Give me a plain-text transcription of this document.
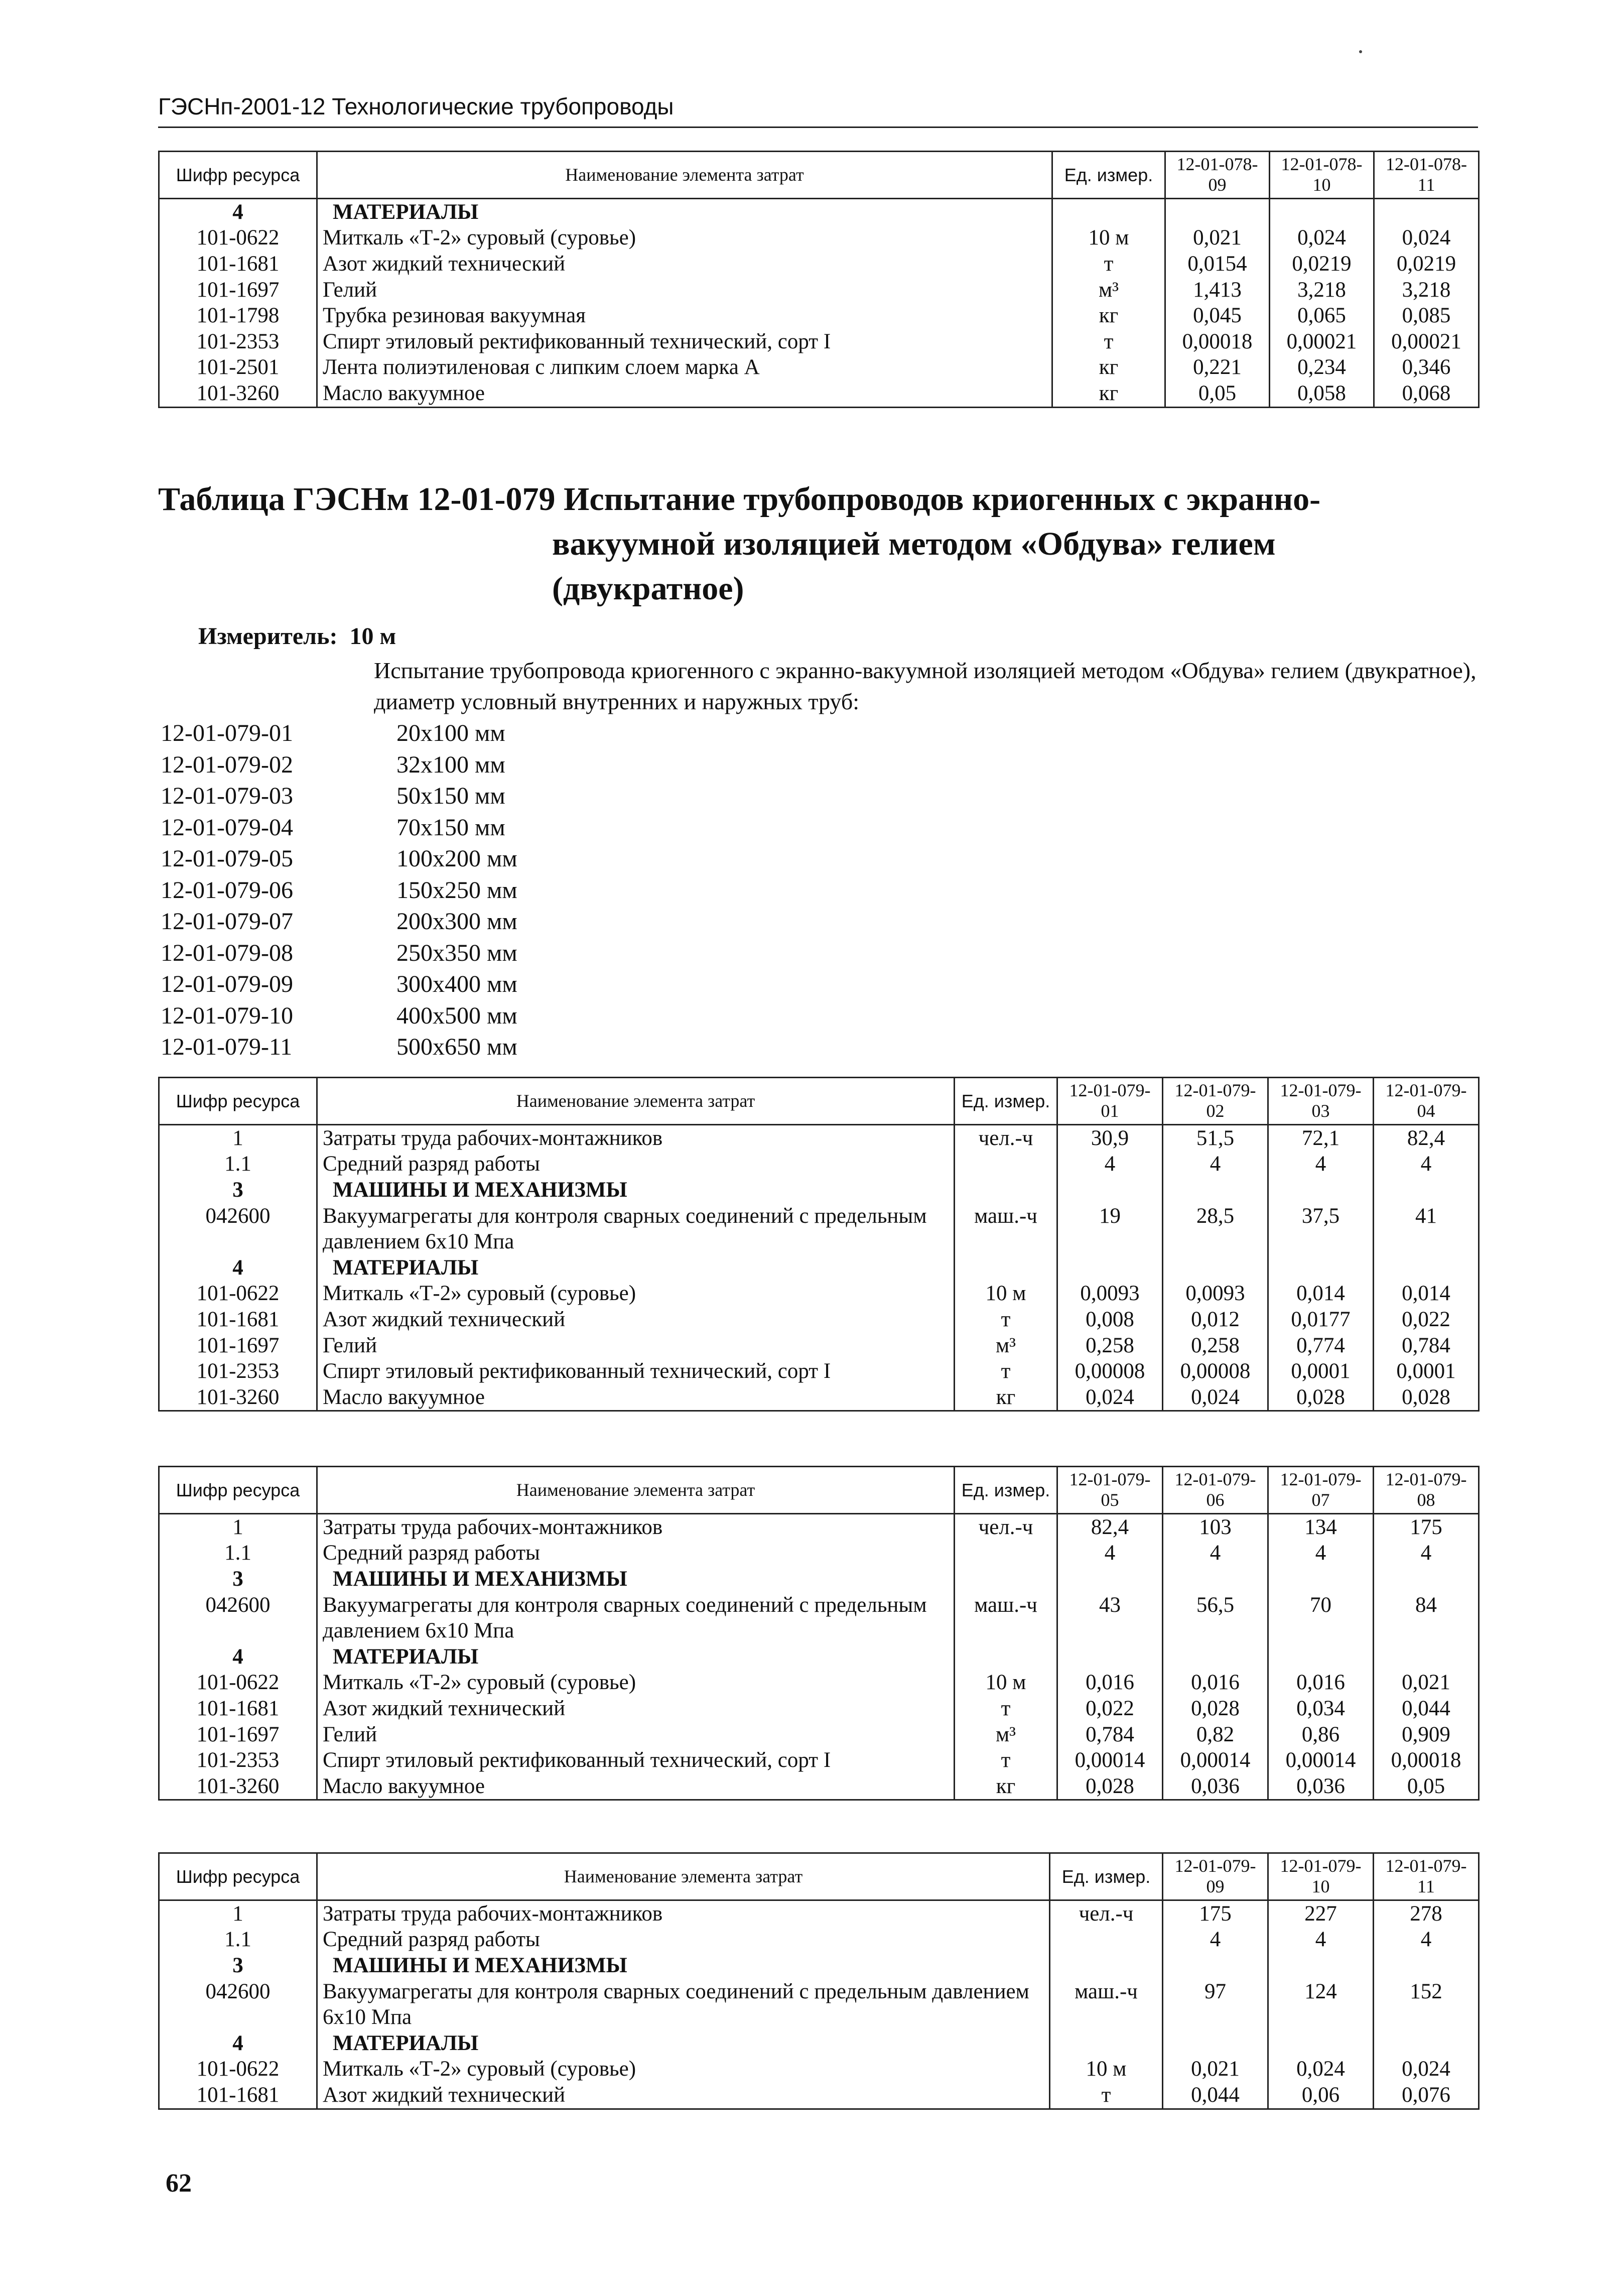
ГЭСНп-2001-12 Технологические трубопроводы
Шифр ресурса	Наименование элемента затрат	Ед. измер.	12-01-078-09	12-01-078-10	12-01-078-11
4	МАТЕРИАЛЫ				
101-0622	Миткаль «Т-2» суровый (суровье)	10 м	0,021	0,024	0,024
101-1681	Азот жидкий технический	т	0,0154	0,0219	0,0219
101-1697	Гелий	м³	1,413	3,218	3,218
101-1798	Трубка резиновая вакуумная	кг	0,045	0,065	0,085
101-2353	Спирт этиловый ректификованный технический, сорт I	т	0,00018	0,00021	0,00021
101-2501	Лента полиэтиленовая с липким слоем марка А	кг	0,221	0,234	0,346
101-3260	Масло вакуумное	кг	0,05	0,058	0,068
Таблица ГЭСНм 12-01-079 Испытание трубопроводов криогенных с экранно-
вакуумной изоляцией методом «Обдува» гелием
(двукратное)
Измеритель: 10 м
Испытание трубопровода криогенного с экранно-вакуумной изоляцией методом «Обдува» гелием (двукратное), диаметр условный внутренних и наружных труб:
12-01-079-01	20х100 мм
12-01-079-02	32х100 мм
12-01-079-03	50х150 мм
12-01-079-04	70х150 мм
12-01-079-05	100х200 мм
12-01-079-06	150х250 мм
12-01-079-07	200х300 мм
12-01-079-08	250х350 мм
12-01-079-09	300х400 мм
12-01-079-10	400х500 мм
12-01-079-11	500х650 мм
Шифр ресурса	Наименование элемента затрат	Ед. измер.	12-01-079-01	12-01-079-02	12-01-079-03	12-01-079-04
1	Затраты труда рабочих-монтажников	чел.-ч	30,9	51,5	72,1	82,4
1.1	Средний разряд работы		4	4	4	4
3	МАШИНЫ И МЕХАНИЗМЫ					
042600	Вакуумагрегаты для контроля сварных соединений с предельным давлением 6х10 Мпа	маш.-ч	19	28,5	37,5	41
4	МАТЕРИАЛЫ					
101-0622	Миткаль «Т-2» суровый (суровье)	10 м	0,0093	0,0093	0,014	0,014
101-1681	Азот жидкий технический	т	0,008	0,012	0,0177	0,022
101-1697	Гелий	м³	0,258	0,258	0,774	0,784
101-2353	Спирт этиловый ректификованный технический, сорт I	т	0,00008	0,00008	0,0001	0,0001
101-3260	Масло вакуумное	кг	0,024	0,024	0,028	0,028
Шифр ресурса	Наименование элемента затрат	Ед. измер.	12-01-079-05	12-01-079-06	12-01-079-07	12-01-079-08
1	Затраты труда рабочих-монтажников	чел.-ч	82,4	103	134	175
1.1	Средний разряд работы		4	4	4	4
3	МАШИНЫ И МЕХАНИЗМЫ					
042600	Вакуумагрегаты для контроля сварных соединений с предельным давлением 6х10 Мпа	маш.-ч	43	56,5	70	84
4	МАТЕРИАЛЫ					
101-0622	Миткаль «Т-2» суровый (суровье)	10 м	0,016	0,016	0,016	0,021
101-1681	Азот жидкий технический	т	0,022	0,028	0,034	0,044
101-1697	Гелий	м³	0,784	0,82	0,86	0,909
101-2353	Спирт этиловый ректификованный технический, сорт I	т	0,00014	0,00014	0,00014	0,00018
101-3260	Масло вакуумное	кг	0,028	0,036	0,036	0,05
Шифр ресурса	Наименование элемента затрат	Ед. измер.	12-01-079-09	12-01-079-10	12-01-079-11
1	Затраты труда рабочих-монтажников	чел.-ч	175	227	278
1.1	Средний разряд работы		4	4	4
3	МАШИНЫ И МЕХАНИЗМЫ				
042600	Вакуумагрегаты для контроля сварных соединений с предельным давлением 6х10 Мпа	маш.-ч	97	124	152
4	МАТЕРИАЛЫ				
101-0622	Миткаль «Т-2» суровый (суровье)	10 м	0,021	0,024	0,024
101-1681	Азот жидкий технический	т	0,044	0,06	0,076
62
